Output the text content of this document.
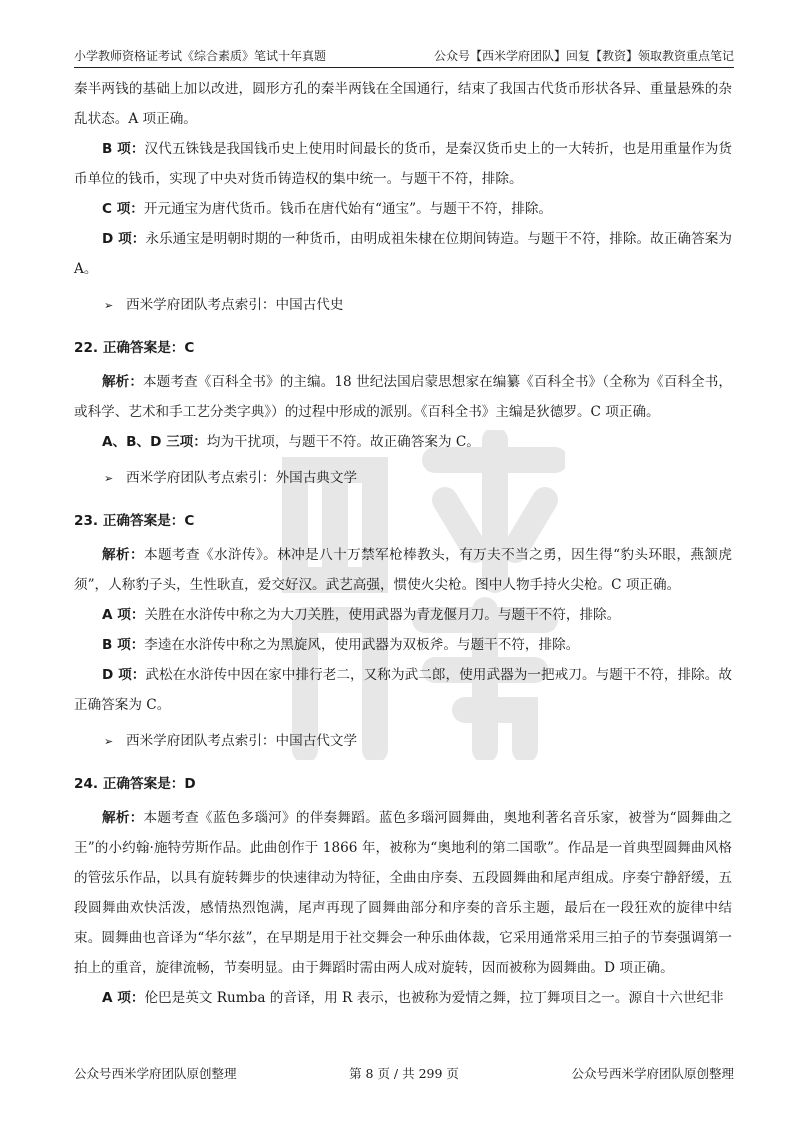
小学教师资格证考试《综合素质》笔试十年真题	公众号【西米学府团队】回复【教资】领取教资重点笔记

秦半两钱的基础上加以改进，圆形方孔的秦半两钱在全国通行，结束了我国古代货币形状各异、重量悬殊的杂乱状态。A 项正确。

B 项：汉代五铢钱是我国钱币史上使用时间最长的货币，是秦汉货币史上的一大转折，也是用重量作为货币单位的钱币，实现了中央对货币铸造权的集中统一。与题干不符，排除。

C 项：开元通宝为唐代货币。钱币在唐代始有“通宝”。与题干不符，排除。

D 项：永乐通宝是明朝时期的一种货币，由明成祖朱棣在位期间铸造。与题干不符，排除。故正确答案为 A。

➢ 西米学府团队考点索引：中国古代史
22. 正确答案是：C

解析：本题考查《百科全书》的主编。18 世纪法国启蒙思想家在编纂《百科全书》（全称为《百科全书，或科学、艺术和手工艺分类字典》）的过程中形成的派别。《百科全书》主编是狄德罗。C 项正确。

A、B、D 三项：均为干扰项，与题干不符。故正确答案为 C。

➢ 西米学府团队考点索引：外国古典文学
23. 正确答案是：C

解析：本题考查《水浒传》。林冲是八十万禁军枪棒教头，有万夫不当之勇，因生得“豹头环眼，燕颔虎须”，人称豹子头，生性耿直，爱交好汉。武艺高强，惯使火尖枪。图中人物手持火尖枪。C 项正确。

A 项：关胜在水浒传中称之为大刀关胜，使用武器为青龙偃月刀。与题干不符，排除。

B 项：李逵在水浒传中称之为黑旋风，使用武器为双板斧。与题干不符，排除。

D 项：武松在水浒传中因在家中排行老二，又称为武二郎，使用武器为一把戒刀。与题干不符，排除。故正确答案为 C。

➢ 西米学府团队考点索引：中国古代文学
24. 正确答案是：D

解析：本题考查《蓝色多瑙河》的伴奏舞蹈。蓝色多瑙河圆舞曲，奥地利著名音乐家，被誉为“圆舞曲之王”的小约翰·施特劳斯作品。此曲创作于 1866 年，被称为“奥地利的第二国歌”。作品是一首典型圆舞曲风格的管弦乐作品，以具有旋转舞步的快速律动为特征，全曲由序奏、五段圆舞曲和尾声组成。序奏宁静舒缓，五段圆舞曲欢快活泼，感情热烈饱满，尾声再现了圆舞曲部分和序奏的音乐主题，最后在一段狂欢的旋律中结束。圆舞曲也音译为“华尔兹”，在早期是用于社交舞会一种乐曲体裁，它采用通常采用三拍子的节奏强调第一拍上的重音，旋律流畅，节奏明显。由于舞蹈时需由两人成对旋转，因而被称为圆舞曲。D 项正确。

A 项：伦巴是英文 Rumba 的音译，用 R 表示，也被称为爱情之舞，拉丁舞项目之一。源自十六世纪非

公众号西米学府团队原创整理	第 8 页 / 共 299 页	公众号西米学府团队原创整理
